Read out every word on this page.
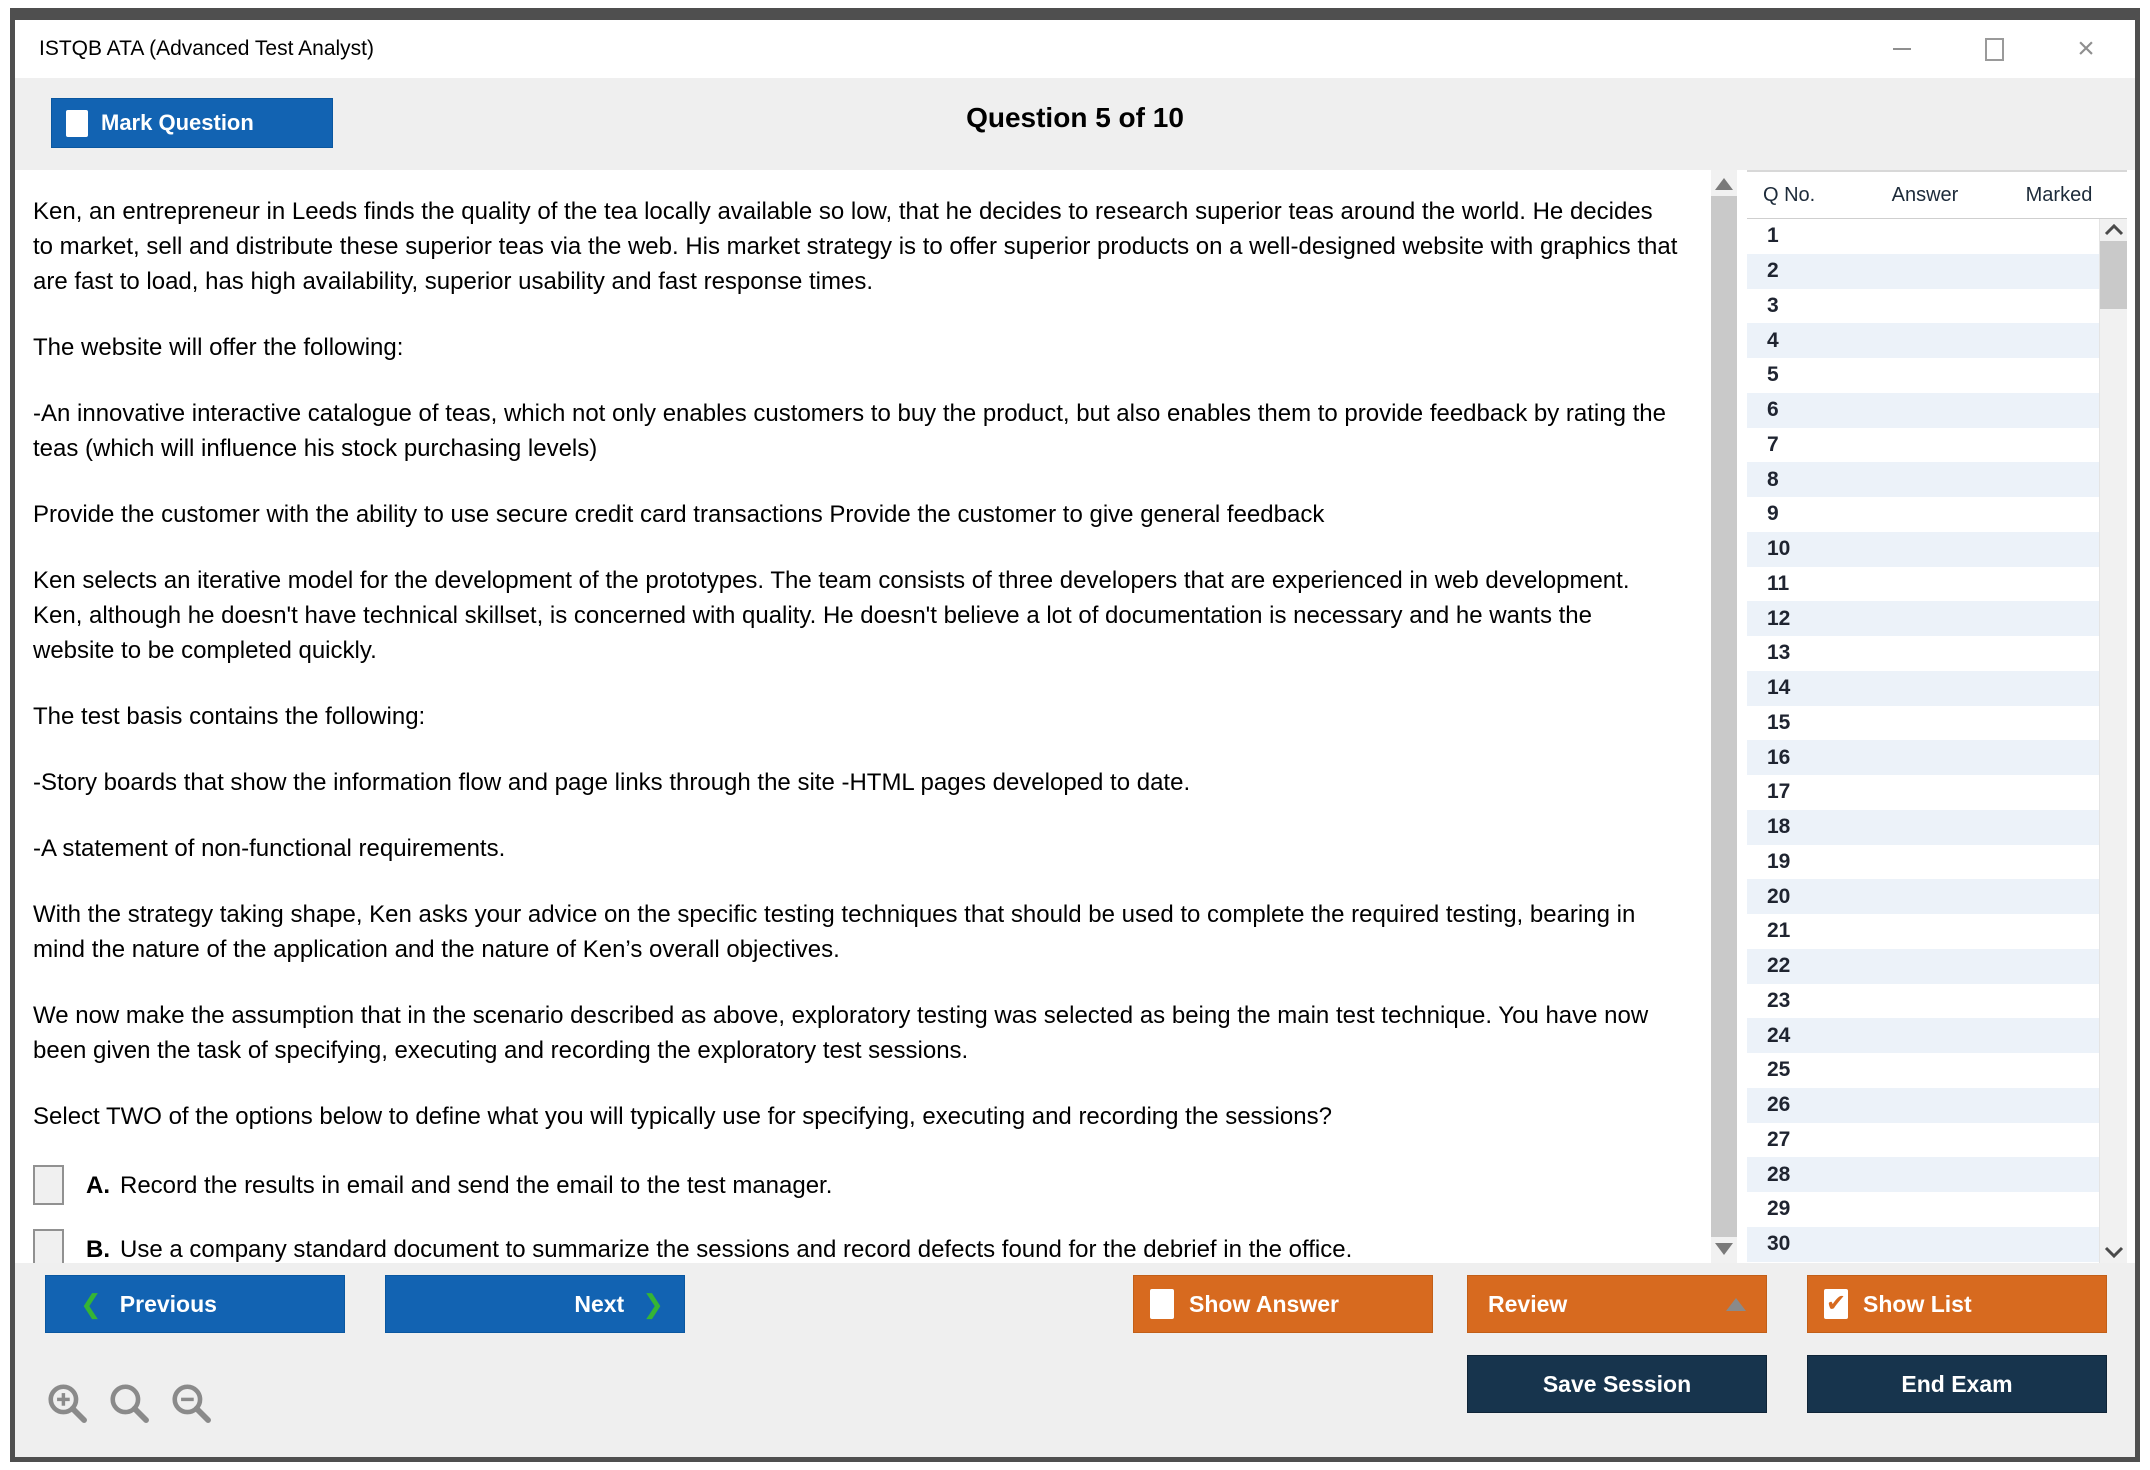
ISTQB ATA (Advanced Test Analyst)	×
Mark Question	Question 5 of 10

Ken, an entrepreneur in Leeds finds the quality of the tea locally available so low, that he decides to research superior teas around the world. He decides to market, sell and distribute these superior teas via the web. His market strategy is to offer superior products on a well-designed website with graphics that are fast to load, has high availability, superior usability and fast response times.

The website will offer the following:

-An innovative interactive catalogue of teas, which not only enables customers to buy the product, but also enables them to provide feedback by rating the teas (which will influence his stock purchasing levels)

Provide the customer with the ability to use secure credit card transactions Provide the customer to give general feedback

Ken selects an iterative model for the development of the prototypes. The team consists of three developers that are experienced in web development. Ken, although he doesn't have technical skillset, is concerned with quality. He doesn't believe a lot of documentation is necessary and he wants the website to be completed quickly.

The test basis contains the following:

-Story boards that show the information flow and page links through the site -HTML pages developed to date.

-A statement of non-functional requirements.

With the strategy taking shape, Ken asks your advice on the specific testing techniques that should be used to complete the required testing, bearing in mind the nature of the application and the nature of Ken’s overall objectives.

We now make the assumption that in the scenario described as above, exploratory testing was selected as being the main test technique. You have now been given the task of specifying, executing and recording the exploratory test sessions.

Select TWO of the options below to define what you will typically use for specifying, executing and recording the sessions?

A. Record the results in email and send the email to the test manager.
B. Use a company standard document to summarize the sessions and record defects found for the debrief in the office.
Q No.	Answer	Marked
1
2
3
4
5
6
7
8
9
10
11
12
13
14
15
16
17
18
19
20
21
22
23
24
25
26
27
28
29
30
❮ Previous	Next ❯	Show Answer	Review	✔ Show List
Save Session	End Exam
